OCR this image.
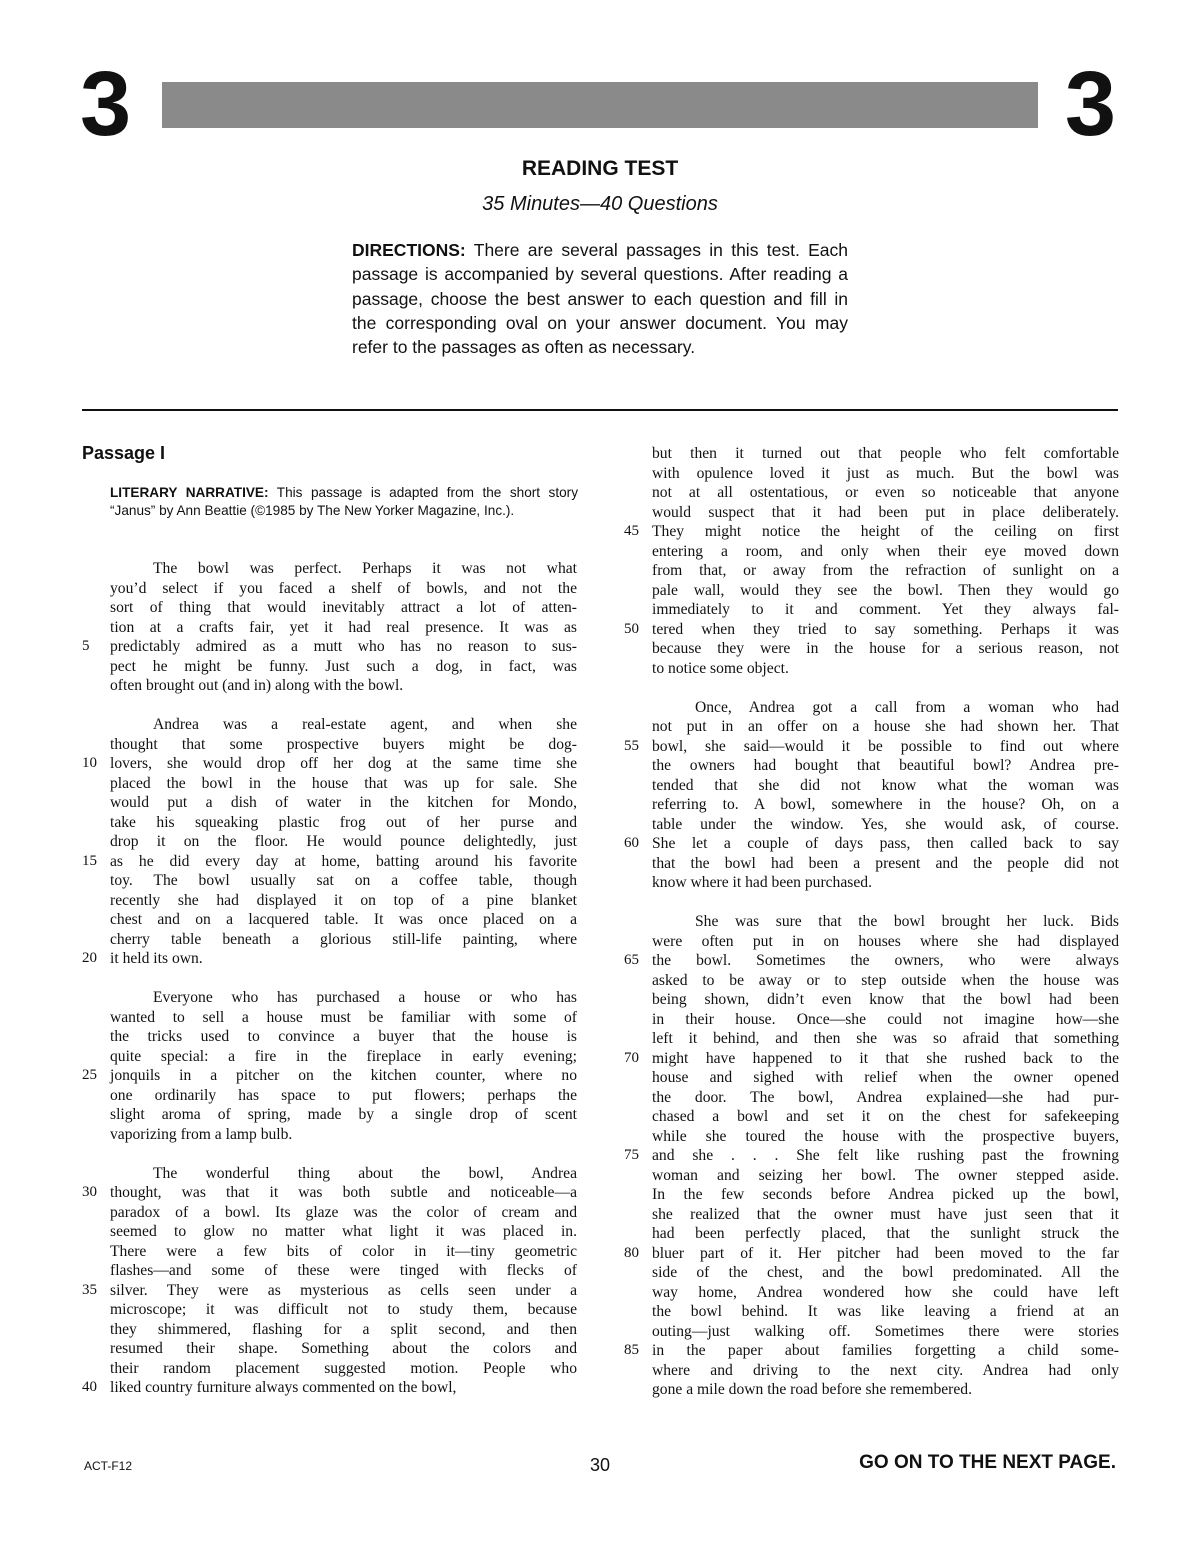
3	3
READING TEST
35 Minutes—40 Questions
DIRECTIONS: There are several passages in this test. Each passage is accompanied by several questions. After reading a passage, choose the best answer to each question and fill in the corresponding oval on your answer document. You may refer to the passages as often as necessary.
Passage I
LITERARY NARRATIVE: This passage is adapted from the short story “Janus” by Ann Beattie (©1985 by The New Yorker Magazine, Inc.).
The bowl was perfect. Perhaps it was not what
you’d select if you faced a shelf of bowls, and not the
sort of thing that would inevitably attract a lot of atten-
tion at a crafts fair, yet it had real presence. It was as
5	predictably admired as a mutt who has no reason to sus-
pect he might be funny. Just such a dog, in fact, was
often brought out (and in) along with the bowl.
Andrea was a real-estate agent, and when she
thought that some prospective buyers might be dog-
10 lovers, she would drop off her dog at the same time she
placed the bowl in the house that was up for sale. She
would put a dish of water in the kitchen for Mondo,
take his squeaking plastic frog out of her purse and
drop it on the floor. He would pounce delightedly, just
15 as he did every day at home, batting around his favorite
toy. The bowl usually sat on a coffee table, though
recently she had displayed it on top of a pine blanket
chest and on a lacquered table. It was once placed on a
cherry table beneath a glorious still-life painting, where
20 it held its own.
Everyone who has purchased a house or who has
wanted to sell a house must be familiar with some of
the tricks used to convince a buyer that the house is
quite special: a fire in the fireplace in early evening;
25 jonquils in a pitcher on the kitchen counter, where no
one ordinarily has space to put flowers; perhaps the
slight aroma of spring, made by a single drop of scent
vaporizing from a lamp bulb.
The wonderful thing about the bowl, Andrea
30 thought, was that it was both subtle and noticeable—a
paradox of a bowl. Its glaze was the color of cream and
seemed to glow no matter what light it was placed in.
There were a few bits of color in it—tiny geometric
flashes—and some of these were tinged with flecks of
35 silver. They were as mysterious as cells seen under a
microscope; it was difficult not to study them, because
they shimmered, flashing for a split second, and then
resumed their shape. Something about the colors and
their random placement suggested motion. People who
40 liked country furniture always commented on the bowl,
but then it turned out that people who felt comfortable
with opulence loved it just as much. But the bowl was
not at all ostentatious, or even so noticeable that anyone
would suspect that it had been put in place deliberately.
45 They might notice the height of the ceiling on first
entering a room, and only when their eye moved down
from that, or away from the refraction of sunlight on a
pale wall, would they see the bowl. Then they would go
immediately to it and comment. Yet they always fal-
50 tered when they tried to say something. Perhaps it was
because they were in the house for a serious reason, not
to notice some object.
Once, Andrea got a call from a woman who had
not put in an offer on a house she had shown her. That
55 bowl, she said—would it be possible to find out where
the owners had bought that beautiful bowl? Andrea pre-
tended that she did not know what the woman was
referring to. A bowl, somewhere in the house? Oh, on a
table under the window. Yes, she would ask, of course.
60 She let a couple of days pass, then called back to say
that the bowl had been a present and the people did not
know where it had been purchased.
She was sure that the bowl brought her luck. Bids
were often put in on houses where she had displayed
65 the bowl. Sometimes the owners, who were always
asked to be away or to step outside when the house was
being shown, didn’t even know that the bowl had been
in their house. Once—she could not imagine how—she
left it behind, and then she was so afraid that something
70 might have happened to it that she rushed back to the
house and sighed with relief when the owner opened
the door. The bowl, Andrea explained—she had pur-
chased a bowl and set it on the chest for safekeeping
while she toured the house with the prospective buyers,
75 and she . . . She felt like rushing past the frowning
woman and seizing her bowl. The owner stepped aside.
In the few seconds before Andrea picked up the bowl,
she realized that the owner must have just seen that it
had been perfectly placed, that the sunlight struck the
80 bluer part of it. Her pitcher had been moved to the far
side of the chest, and the bowl predominated. All the
way home, Andrea wondered how she could have left
the bowl behind. It was like leaving a friend at an
outing—just walking off. Sometimes there were stories
85 in the paper about families forgetting a child some-
where and driving to the next city. Andrea had only
gone a mile down the road before she remembered.
ACT-F12	30	GO ON TO THE NEXT PAGE.
